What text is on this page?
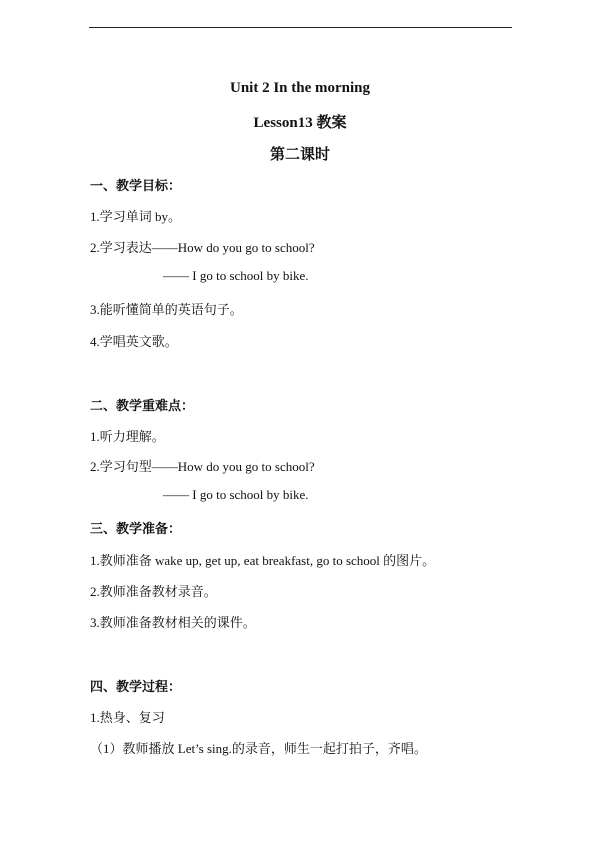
Unit 2 In the morning
Lesson13 教案
第二课时
一、教学目标：
1.学习单词 by。
2.学习表达——How do you go to school?
—— I go to school by bike.
3.能听懂简单的英语句子。
4.学唱英文歌。
二、教学重难点：
1.听力理解。
2.学习句型——How do you go to school?
—— I go to school by bike.
三、教学准备：
1.教师准备 wake up, get up, eat breakfast, go to school 的图片。
2.教师准备教材录音。
3.教师准备教材相关的课件。
四、教学过程：
1.热身、复习
（1）教师播放 Let’s sing.的录音，师生一起打拍子，齐唱。
